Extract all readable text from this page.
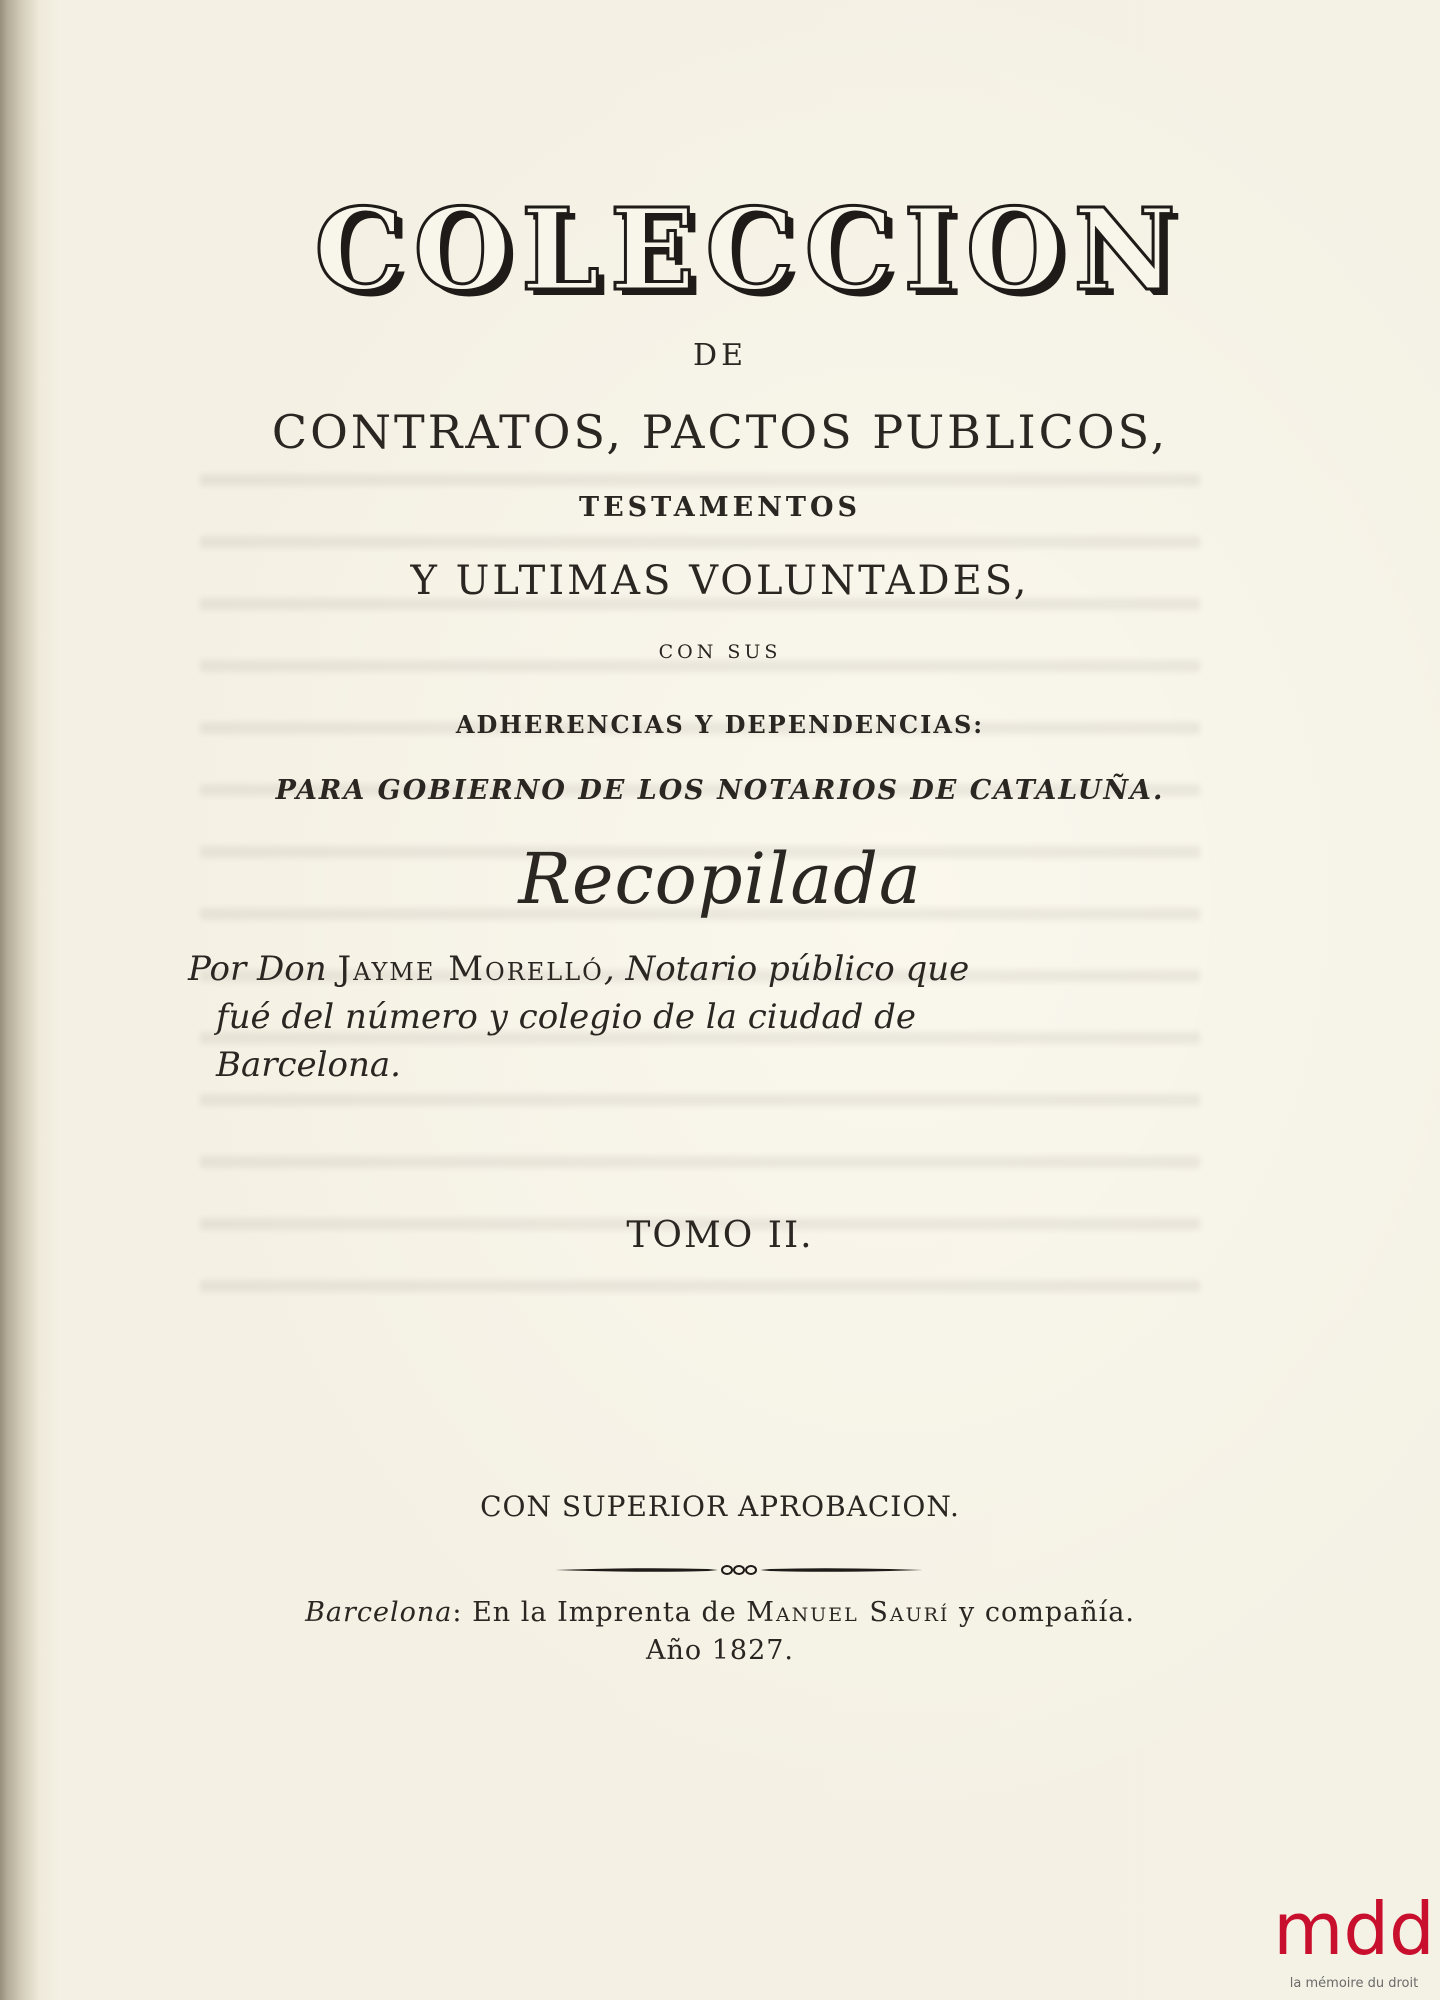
COLECCION
DE
CONTRATOS, PACTOS PUBLICOS,
TESTAMENTOS
Y ULTIMAS VOLUNTADES,
CON SUS
ADHERENCIAS Y DEPENDENCIAS:
PARA GOBIERNO DE LOS NOTARIOS DE CATALUÑA.
Recopilada
Por Don Jayme Morelló, Notario público que
fué del número y colegio de la ciudad de
Barcelona.
TOMO II.
CON SUPERIOR APROBACION.
Barcelona: En la Imprenta de Manuel Saurí y compañía.
Año 1827.
mdd
la mémoire du droit
